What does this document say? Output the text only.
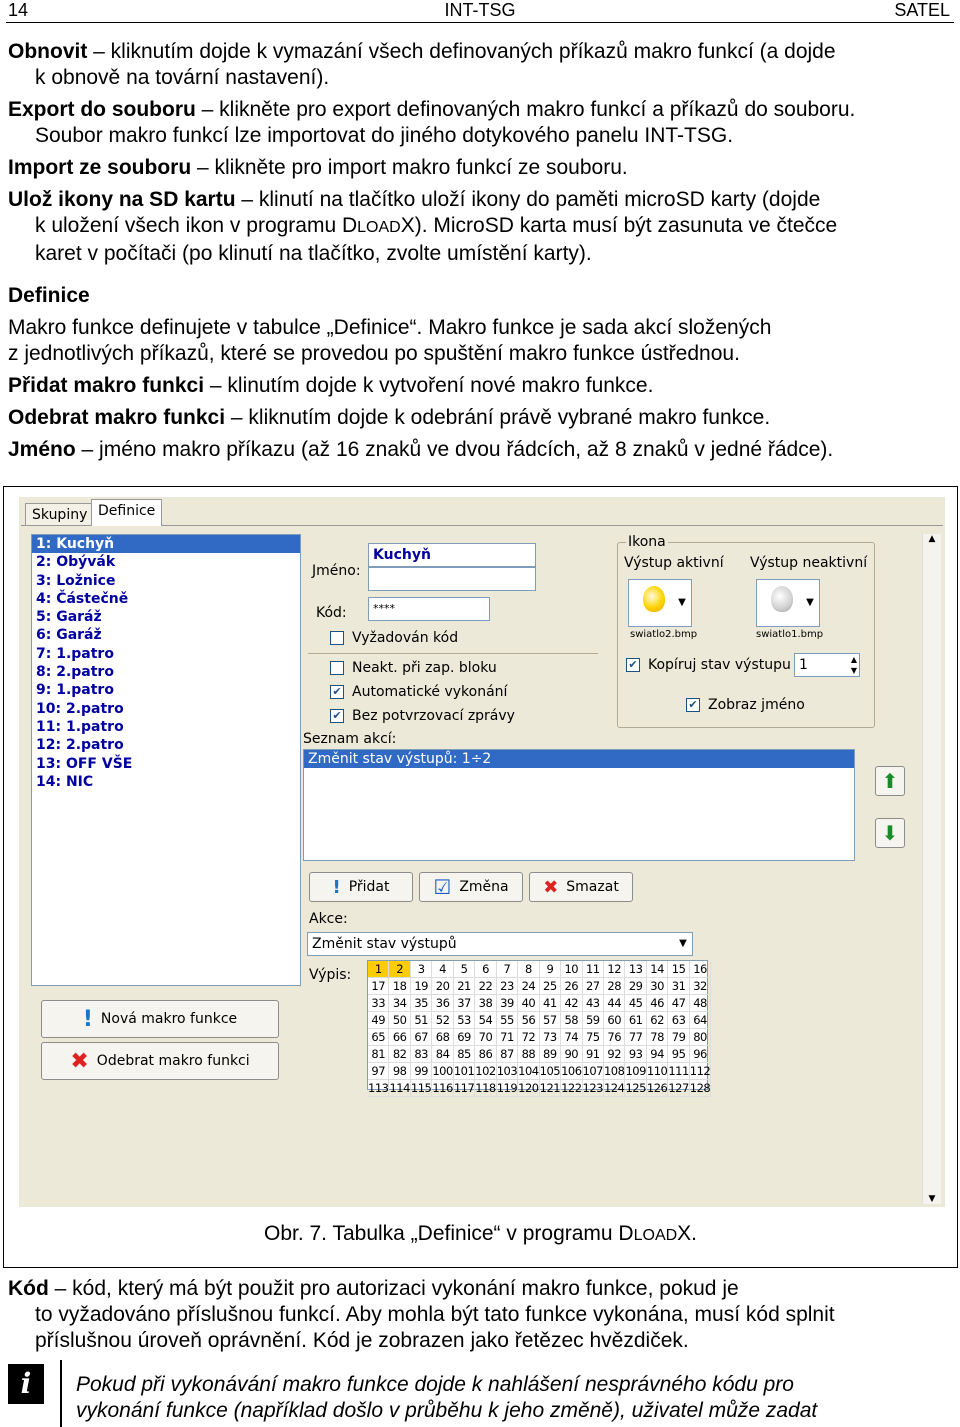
14	INT-TSG	SATEL
Obnovit – kliknutím dojde k vymazání všech definovaných příkazů makro funkcí (a dojde
k obnově na tovární nastavení).
Export do souboru – klikněte pro export definovaných makro funkcí a příkazů do souboru.
Soubor makro funkcí lze importovat do jiného dotykového panelu INT-TSG.
Import ze souboru – klikněte pro import makro funkcí ze souboru.
Ulož ikony na SD kartu – klinutí na tlačítko uloží ikony do paměti microSD karty (dojde
k uložení všech ikon v programu DLOADX). MicroSD karta musí být zasunuta ve čtečce
karet v počítači (po klinutí na tlačítko, zvolte umístění karty).
Definice
Makro funkce definujete v tabulce „Definice“. Makro funkce je sada akcí složených
z jednotlivých příkazů, které se provedou po spuštění makro funkce ústřednou.
Přidat makro funkci – klinutím dojde k vytvoření nové makro funkce.
Odebrat makro funkci – kliknutím dojde k odebrání právě vybrané makro funkce.
Jméno – jméno makro příkazu (až 16 znaků ve dvou řádcích, až 8 znaků v jedné řádce).
Skupiny Definice
1: Kuchyň
2: Obývák
3: Ložnice
4: Částečně
5: Garáž
6: Garáž
7: 1.patro
8: 2.patro
9: 1.patro
10: 2.patro
11: 1.patro
12: 2.patro
13: OFF VŠE
14: NIC
! Nová makro funkce
✖ Odebrat makro funkci
Jméno:
Kuchyň
Kód:	****
Vyžadován kód
Neakt. při zap. bloku
✔ Automatické vykonání
✔ Bez potvrzovací zprávy
Ikona
Výstup aktivní Výstup neaktivní
▼	▼
swiatlo2.bmp	swiatlo1.bmp
✔ Kopíruj stav výstupu 1	▲
▼
✔ Zobraz jméno
Seznam akcí:
Změnit stav výstupů: 1÷2
⬆
⬇
! Přidat ☑ Změna ✖ Smazat
Akce:
Změnit stav výstupů	▼
Výpis:
▲
▼
1	2	3	4	5	6	7	8	9 10 11 12 13 14 15 16
17 18 19 20 21 22 23 24 25 26 27 28 29 30 31 32
33 34 35 36 37 38 39 40 41 42 43 44 45 46 47 48
49 50 51 52 53 54 55 56 57 58 59 60 61 62 63 64
65 66 67 68 69 70 71 72 73 74 75 76 77 78 79 80
81 82 83 84 85 86 87 88 89 90 91 92 93 94 95 96
97 98 99 100 101 102 103 104 105 106 107 108 109 110 111 112
113 114 115 116 117 118 119 120 121 122 123 124 125 126 127 128
Obr. 7. Tabulka „Definice“ v programu DLOADX.
Kód – kód, který má být použit pro autorizaci vykonání makro funkce, pokud je
to vyžadováno příslušnou funkcí. Aby mohla být tato funkce vykonána, musí kód splnit
příslušnou úroveň oprávnění. Kód je zobrazen jako řetězec hvězdiček.
i	Pokud při vykonávání makro funkce dojde k nahlášení nesprávného kódu pro
vykonání funkce (například došlo v průběhu k jeho změně), uživatel může zadat
